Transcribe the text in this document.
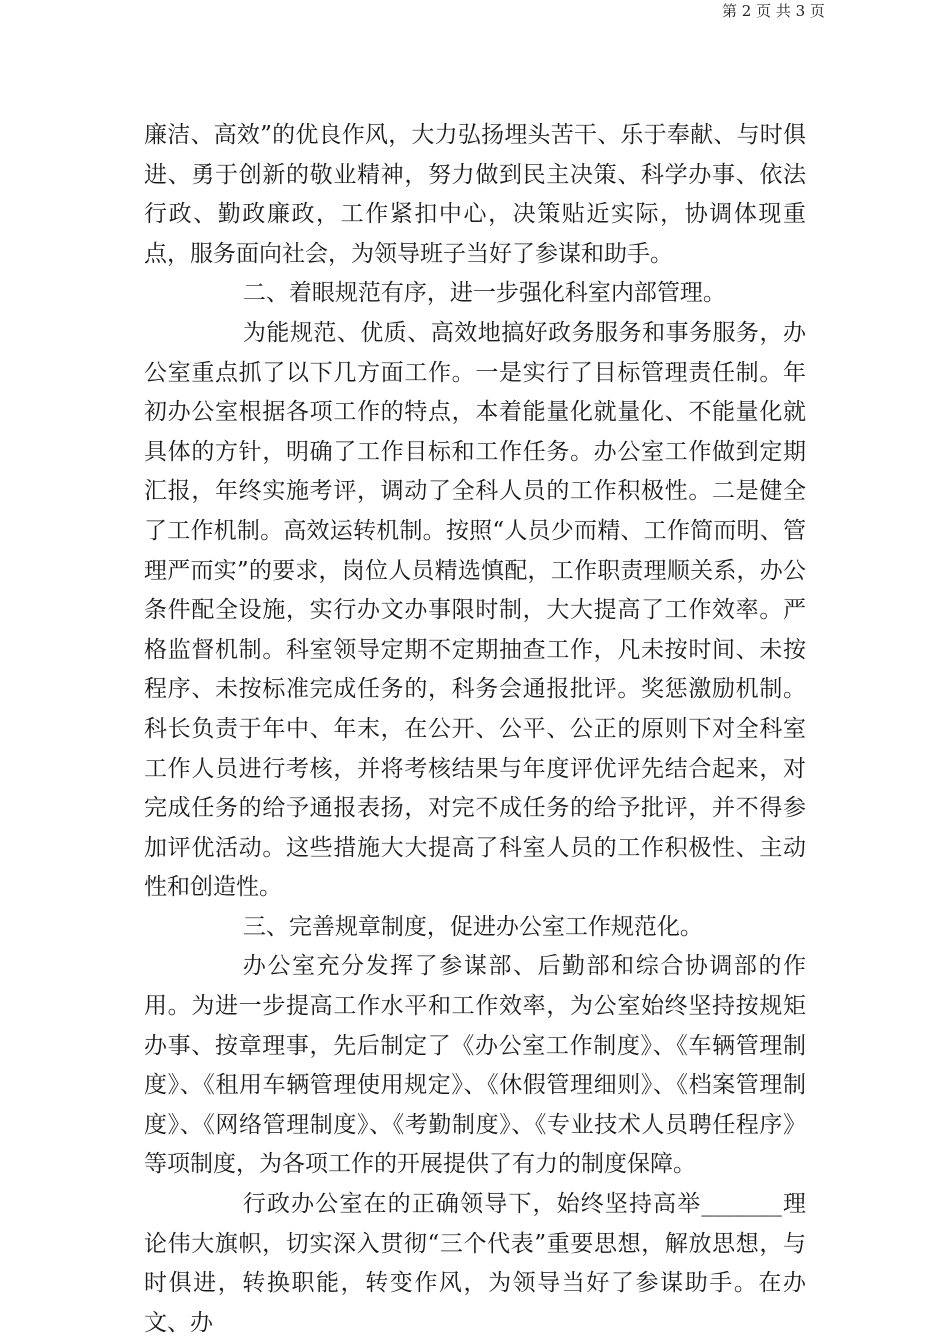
廉洁、高效”的优良作风，大力弘扬埋头苦干、乐于奉献、与时俱进、勇于创新的敬业精神，努力做到民主决策、科学办事、依法行政、勤政廉政，工作紧扣中心，决策贴近实际，协调体现重点，服务面向社会，为领导班子当好了参谋和助手。

二、着眼规范有序，进一步强化科室内部管理。

为能规范、优质、高效地搞好政务服务和事务服务，办公室重点抓了以下几方面工作。一是实行了目标管理责任制。年初办公室根据各项工作的特点，本着能量化就量化、不能量化就具体的方针，明确了工作目标和工作任务。办公室工作做到定期汇报，年终实施考评，调动了全科人员的工作积极性。二是健全了工作机制。高效运转机制。按照“人员少而精、工作简而明、管理严而实”的要求，岗位人员精选慎配，工作职责理顺关系，办公条件配全设施，实行办文办事限时制，大大提高了工作效率。严格监督机制。科室领导定期不定期抽查工作，凡未按时间、未按程序、未按标准完成任务的，科务会通报批评。奖惩激励机制。科长负责于年中、年末，在公开、公平、公正的原则下对全科室工作人员进行考核，并将考核结果与年度评优评先结合起来，对完成任务的给予通报表扬，对完不成任务的给予批评，并不得参加评优活动。这些措施大大提高了科室人员的工作积极性、主动性和创造性。

三、完善规章制度，促进办公室工作规范化。

办公室充分发挥了参谋部、后勤部和综合协调部的作用。为进一步提高工作水平和工作效率，为公室始终坚持按规矩办事、按章理事，先后制定了《办公室工作制度》、《车辆管理制度》、《租用车辆管理使用规定》、《休假管理细则》、《档案管理制度》、《网络管理制度》、《考勤制度》、《专业技术人员聘任程序》等项制度，为各项工作的开展提供了有力的制度保障。

行政办公室在的正确领导下，始终坚持高举_______理论伟大旗帜，切实深入贯彻“三个代表”重要思想，解放思想，与时俱进，转换职能，转变作风，为领导当好了参谋助手。在办文、办

第 2 页 共 3 页
